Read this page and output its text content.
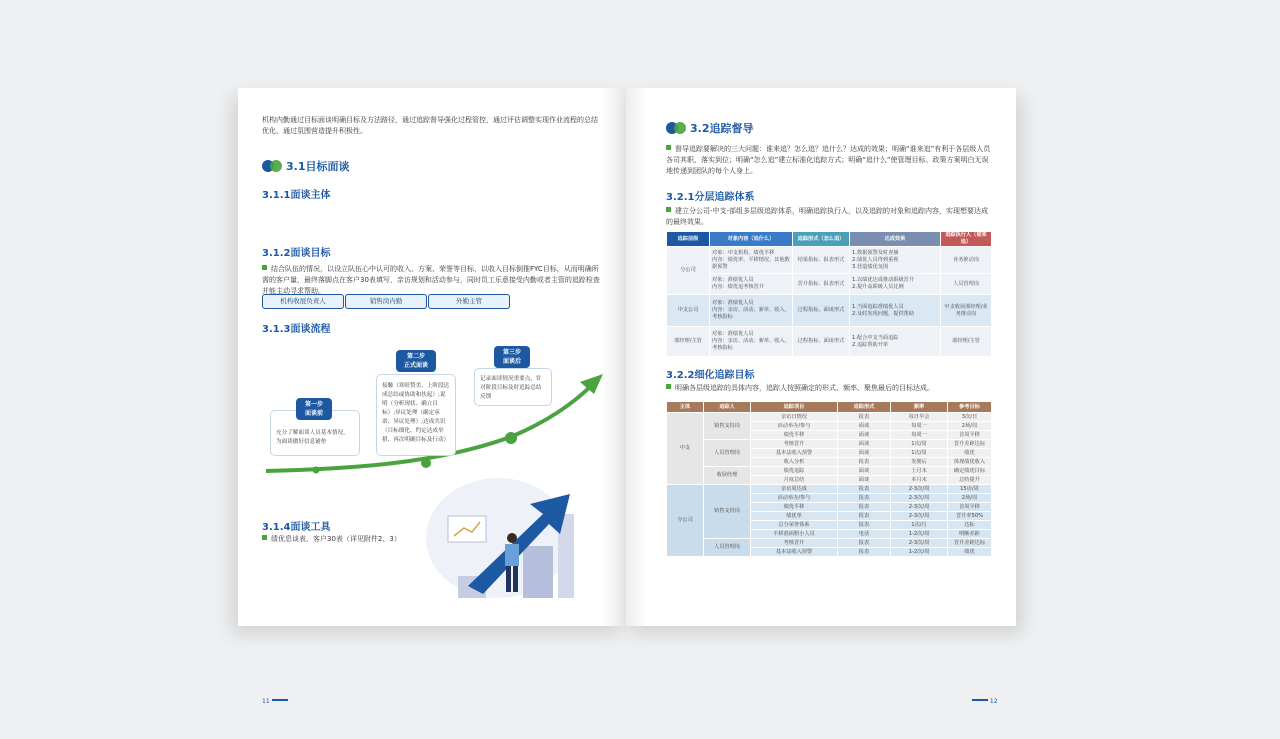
机构内勤通过目标面谈明确目标及方法路径，通过追踪督导强化过程管控，通过评估调整实现作业流程的总结优化，通过氛围营造提升积极性。
3.1目标面谈
3.1.1面谈主体
机构收展负责人	销售岗内勤	外勤主管
3.1.2面谈目标
结合队伍的情况，以设立队伍心中认可的收入、方案、荣誉等目标，以收入目标倒推FYC目标，从而明确所需的客户量，最终落脚点在客户30表填写，亲访规划和活动参与，同时员工乐意接受内勤或者主管的追踪检查并能主动寻求帮助。
3.1.3面谈流程
充分了解面谈人员基本情况，为面谈做好信息铺垫
第一步
面谈前
接触（寒暄赞美、上阶段达成总结或协助和扶起）;说明（分析现状、确立目标）;异议处理（确定承诺、异议处理）;达成共识（目标细化、约定达成举措、再次明确目标及行动）
第二步
正式面谈
记录面谈情况重要点，针对阶段目标及时追踪总结反馈
第三步
面谈后
3.1.4面谈工具
绩优息谈表、客户30表（详见附件2、3）
11
3.2追踪督导
督导追踪要解决的三大问题：谁来追？怎么追？追什么？达成的效果；明确“谁来追”有利于各层级人员各司其职，落实到位；明确“怎么追”建立标准化追踪方式；明确“追什么”使管理目标、政策方案明白无误地传递到团队的每个人身上。
3.2.1分层追踪体系
建立分公司-中支-部组多层级追踪体系，明确追踪执行人，以及追踪的对象和追踪内容，实现想要达成的最终效果。
追踪层级	对象内容（追什么）	追踪形式（怎么追）	达成效果	追踪执行人（谁来追）
分公司	对象：中支机构、绩优平移
内容：绩优率、平移情况、其他数据预警	结果指标、报表形式	1.数据预警及时查摘
2.绩优人员得到重视
3.营造绩优氛围	业务推动岗
	对象：准绩优人员
内容：绩优追考核晋升	晋升指标、报表形式	1.以绩优达成推动职级晋升
2.提升高职级人员比例	人员管理岗
中支公司	对象：准绩优人员
内容：亲访、活动、新单、收入、考核指标	过程指标、面谈形式	1.当面追踪准绩优人员
2.及时发现问题，提供帮助	中支收展部经理/业务推动岗
部经理/主管	对象：准绩优人员
内容：亲访、活动、新单、收入、考核指标	过程指标、面谈形式	1.配合中支当面追踪
2.追踪帮助开单	部经理/主管
3.2.2细化追踪目标
明确各层级追踪的具体内容，追踪人按照确定的形式、频率、聚焦最后的目标达成。
主体	追踪人	追踪项目	追踪形式	频率	参考目标
中支	销售支持岗	亲访日情况	报表	每日早会	3次/日
		活动举办/参与	面谈	每周一	2场/周
		绩优平移	面谈	每周一	首周平移
	人员管理岗	考核晋升	面谈	1次/周	晋升差距达标
		基本法收入预警	面谈	1次/周	绩优
		收入分析	报表	发佣后	体现绩优收入
	收展经理	绩优追踪	面谈	上月末	确定绩优目标
		月度总结	面谈	本月末	总结提升
分公司	销售支持岗	亲访周达成	报表	2-3次/周	15访/周
		活动举办/参与	报表	2-3次/周	2场/周
		绩优平移	报表	2-3次/周	首周平移
		绩优率	报表	2-3次/周	晋升率50%
		总分荣誉体系	报表	1次/月	达标
		平移准面赔小人员	电话	1-2次/周	明晰差距
	人员管理岗	考核晋升	报表	2-3次/周	晋升差距达标
		基本法收入预警	报表	1-2次/周	绩优
12
